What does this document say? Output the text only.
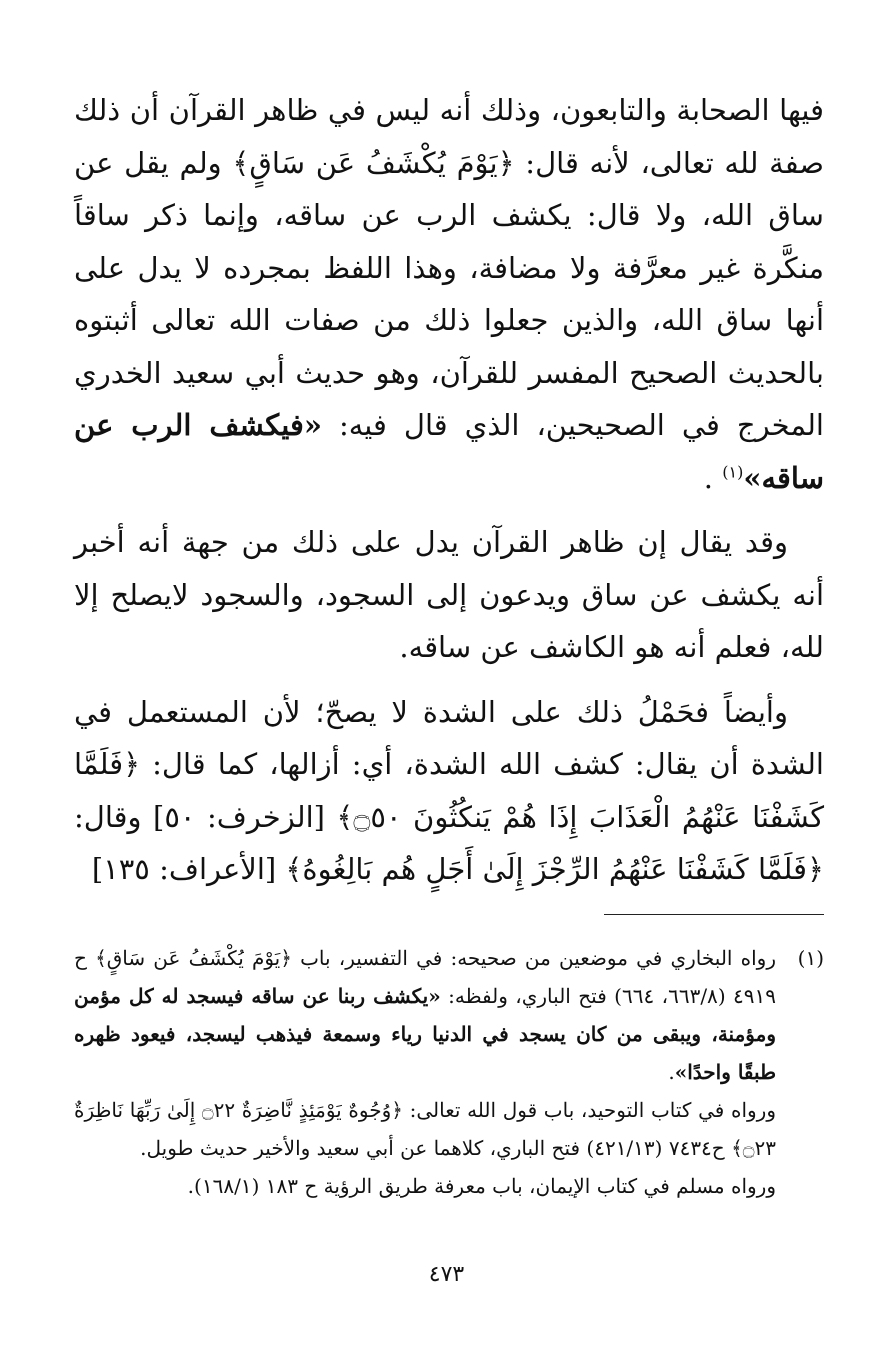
فيها الصحابة والتابعون، وذلك أنه ليس في ظاهر القرآن أن ذلك صفة لله تعالى، لأنه قال: ﴿يَوْمَ يُكْشَفُ عَن سَاقٍ﴾ ولم يقل عن ساق الله، ولا قال: يكشف الرب عن ساقه، وإنما ذكر ساقاً منكَّرة غير معرَّفة ولا مضافة، وهذا اللفظ بمجرده لا يدل على أنها ساق الله، والذين جعلوا ذلك من صفات الله تعالى أثبتوه بالحديث الصحيح المفسر للقرآن، وهو حديث أبي سعيد الخدري المخرج في الصحيحين، الذي قال فيه: «فيكشف الرب عن ساقه»$^{(١)}$ .

وقد يقال إن ظاهر القرآن يدل على ذلك من جهة أنه أخبر أنه يكشف عن ساق ويدعون إلى السجود، والسجود لايصلح إلا لله، فعلم أنه هو الكاشف عن ساقه.

وأيضاً فحَمْلُ ذلك على الشدة لا يصحّ؛ لأن المستعمل في الشدة أن يقال: كشف الله الشدة، أي: أزالها، كما قال: ﴿فَلَمَّا كَشَفْنَا عَنْهُمُ الْعَذَابَ إِذَا هُمْ يَنكُثُونَ ۝٥٠﴾ [الزخرف: ٥٠] وقال: ﴿فَلَمَّا كَشَفْنَا عَنْهُمُ الرِّجْزَ إِلَىٰ أَجَلٍ هُم بَالِغُوهُ﴾ [الأعراف: ١٣٥]

(١)

رواه البخاري في موضعين من صحيحه: في التفسير، باب ﴿يَوْمَ يُكْشَفُ عَن سَاقٍ﴾ ح ٤٩١٩ (٦٦٣/٨، ٦٦٤) فتح الباري، ولفظه: «يكشف ربنا عن ساقه فيسجد له كل مؤمن ومؤمنة، ويبقى من كان يسجد في الدنيا رياء وسمعة فيذهب ليسجد، فيعود ظهره طبقًا واحدًا».

ورواه في كتاب التوحيد، باب قول الله تعالى: ﴿وُجُوهٌ يَوْمَئِذٍ نَّاضِرَةٌ ۝٢٢ إِلَىٰ رَبِّهَا نَاظِرَةٌ ۝٢٣﴾ ح٧٤٣٤ (٤٢١/١٣) فتح الباري، كلاهما عن أبي سعيد والأخير حديث طويل.

ورواه مسلم في كتاب الإيمان، باب معرفة طريق الرؤية ح ١٨٣ (١٦٨/١).

٤٧٣
